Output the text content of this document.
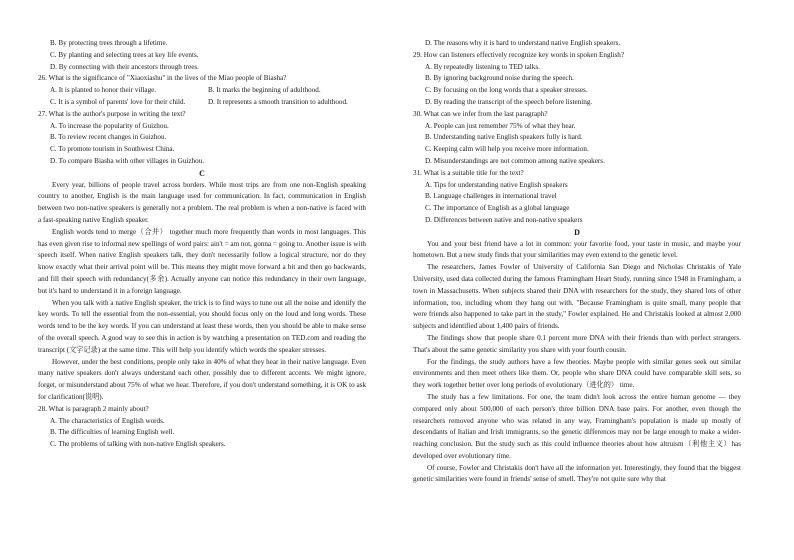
B. By protecting trees through a lifetime.
C. By planting and selecting trees at key life events.
D. By connecting with their ancestors through trees.
26. What is the significance of "Xiaoxiashu" in the lives of the Miao people of Biasha?
A. It is planted to honor their village.	B. It marks the beginning of adulthood.
C. It is a symbol of parents' love for their child.	D. It represents a smooth transition to adulthood.
27. What is the author's purpose in writing the text?
A. To increase the popularity of Guizhou.
B. To review recent changes in Guizhou.
C. To promote tourism in Southwest China.
D. To compare Biasha with other villages in Guizhou.
C
Every year, billions of people travel across borders. While most trips are from one non-English speaking country to another, English is the main language used for communication. In fact, communication in English between two non-native speakers is generally not a problem. The real problem is when a non-native is faced with a fast-speaking native English speaker.
English words tend to merge（合并） together much more frequently than words in most languages. This has even given rise to informal new spellings of word pairs: ain't = am not, gonna = going to. Another issue is with speech itself. When native English speakers talk, they don't necessarily follow a logical structure, nor do they know exactly what their arrival point will be. This means they might move forward a bit and then go backwards, and fill their speech with redundancy(多余). Actually anyone can notice this redundancy in their own language, but it's hard to understand it in a foreign language.
When you talk with a native English speaker, the trick is to find ways to tune out all the noise and identify the key words. To tell the essential from the non-essential, you should focus only on the loud and long words. These words tend to be the key words. If you can understand at least these words, then you should be able to make sense of the overall speech. A good way to see this in action is by watching a presentation on TED.com and reading the transcript (文字记录) at the same time. This will help you identify which words the speaker stresses.
However, under the best conditions, people only take in 40% of what they hear in their native language. Even many native speakers don't always understand each other, possibly due to different accents. We might ignore, forget, or misunderstand about 75% of what we hear. Therefore, if you don't understand something, it is OK to ask for clarification(说明).
28. What is paragraph 2 mainly about?
A. The characteristics of English words.
B. The difficulties of learning English well.
C. The problems of talking with non-native English speakers.
D. The reasons why it is hard to understand native English speakers.
29. How can listeners effectively recognize key words in spoken English?
A. By repeatedly listening to TED talks.
B. By ignoring background noise during the speech.
C. By focusing on the long words that a speaker stresses.
D. By reading the transcript of the speech before listening.
30. What can we infer from the last paragraph?
A. People can just remember 75% of what they hear.
B. Understanding native English speakers fully is hard.
C. Keeping calm will help you receive more information.
D. Misunderstandings are not common among native speakers.
31. What is a suitable title for the text?
A. Tips for understanding native English speakers
B. Language challenges in international travel
C. The importance of English as a global language
D. Differences between native and non-native speakers
D
You and your best friend have a lot in common: your favorite food, your taste in music, and maybe your hometown. But a new study finds that your similarities may even extend to the genetic level.
The researchers, James Fowler of University of California San Diego and Nicholas Christakis of Yale University, used data collected during the famous Framingham Heart Study, running since 1948 in Framingham, a town in Massachusetts. When subjects shared their DNA with researchers for the study, they shared lots of other information, too, including whom they hang out with. "Because Framingham is quite small, many people that were friends also happened to take part in the study," Fowler explained. He and Christakis looked at almost 2,000 subjects and identified about 1,400 pairs of friends.
The findings show that people share 0.1 percent more DNA with their friends than with perfect strangers. That's about the same genetic similarity you share with your fourth cousin.
For the findings, the study authors have a few theories. Maybe people with similar genes seek out similar environments and then meet others like them. Or, people who share DNA could have comparable skill sets, so they work together better over long periods of evolutionary（进化的） time.
The study has a few limitations. For one, the team didn't look across the entire human genome — they compared only about 500,000 of each person's three billion DNA base pairs. For another, even though the researchers removed anyone who was related in any way, Framingham's population is made up mostly of descendants of Italian and Irish immigrants, so the genetic differences may not be large enough to make a wider-reaching conclusion. But the study such as this could influence theories about how altruism（利他主义）has developed over evolutionary time.
Of course, Fowler and Christakis don't have all the information yet. Interestingly, they found that the biggest genetic similarities were found in friends' sense of smell. They're not quite sure why that
